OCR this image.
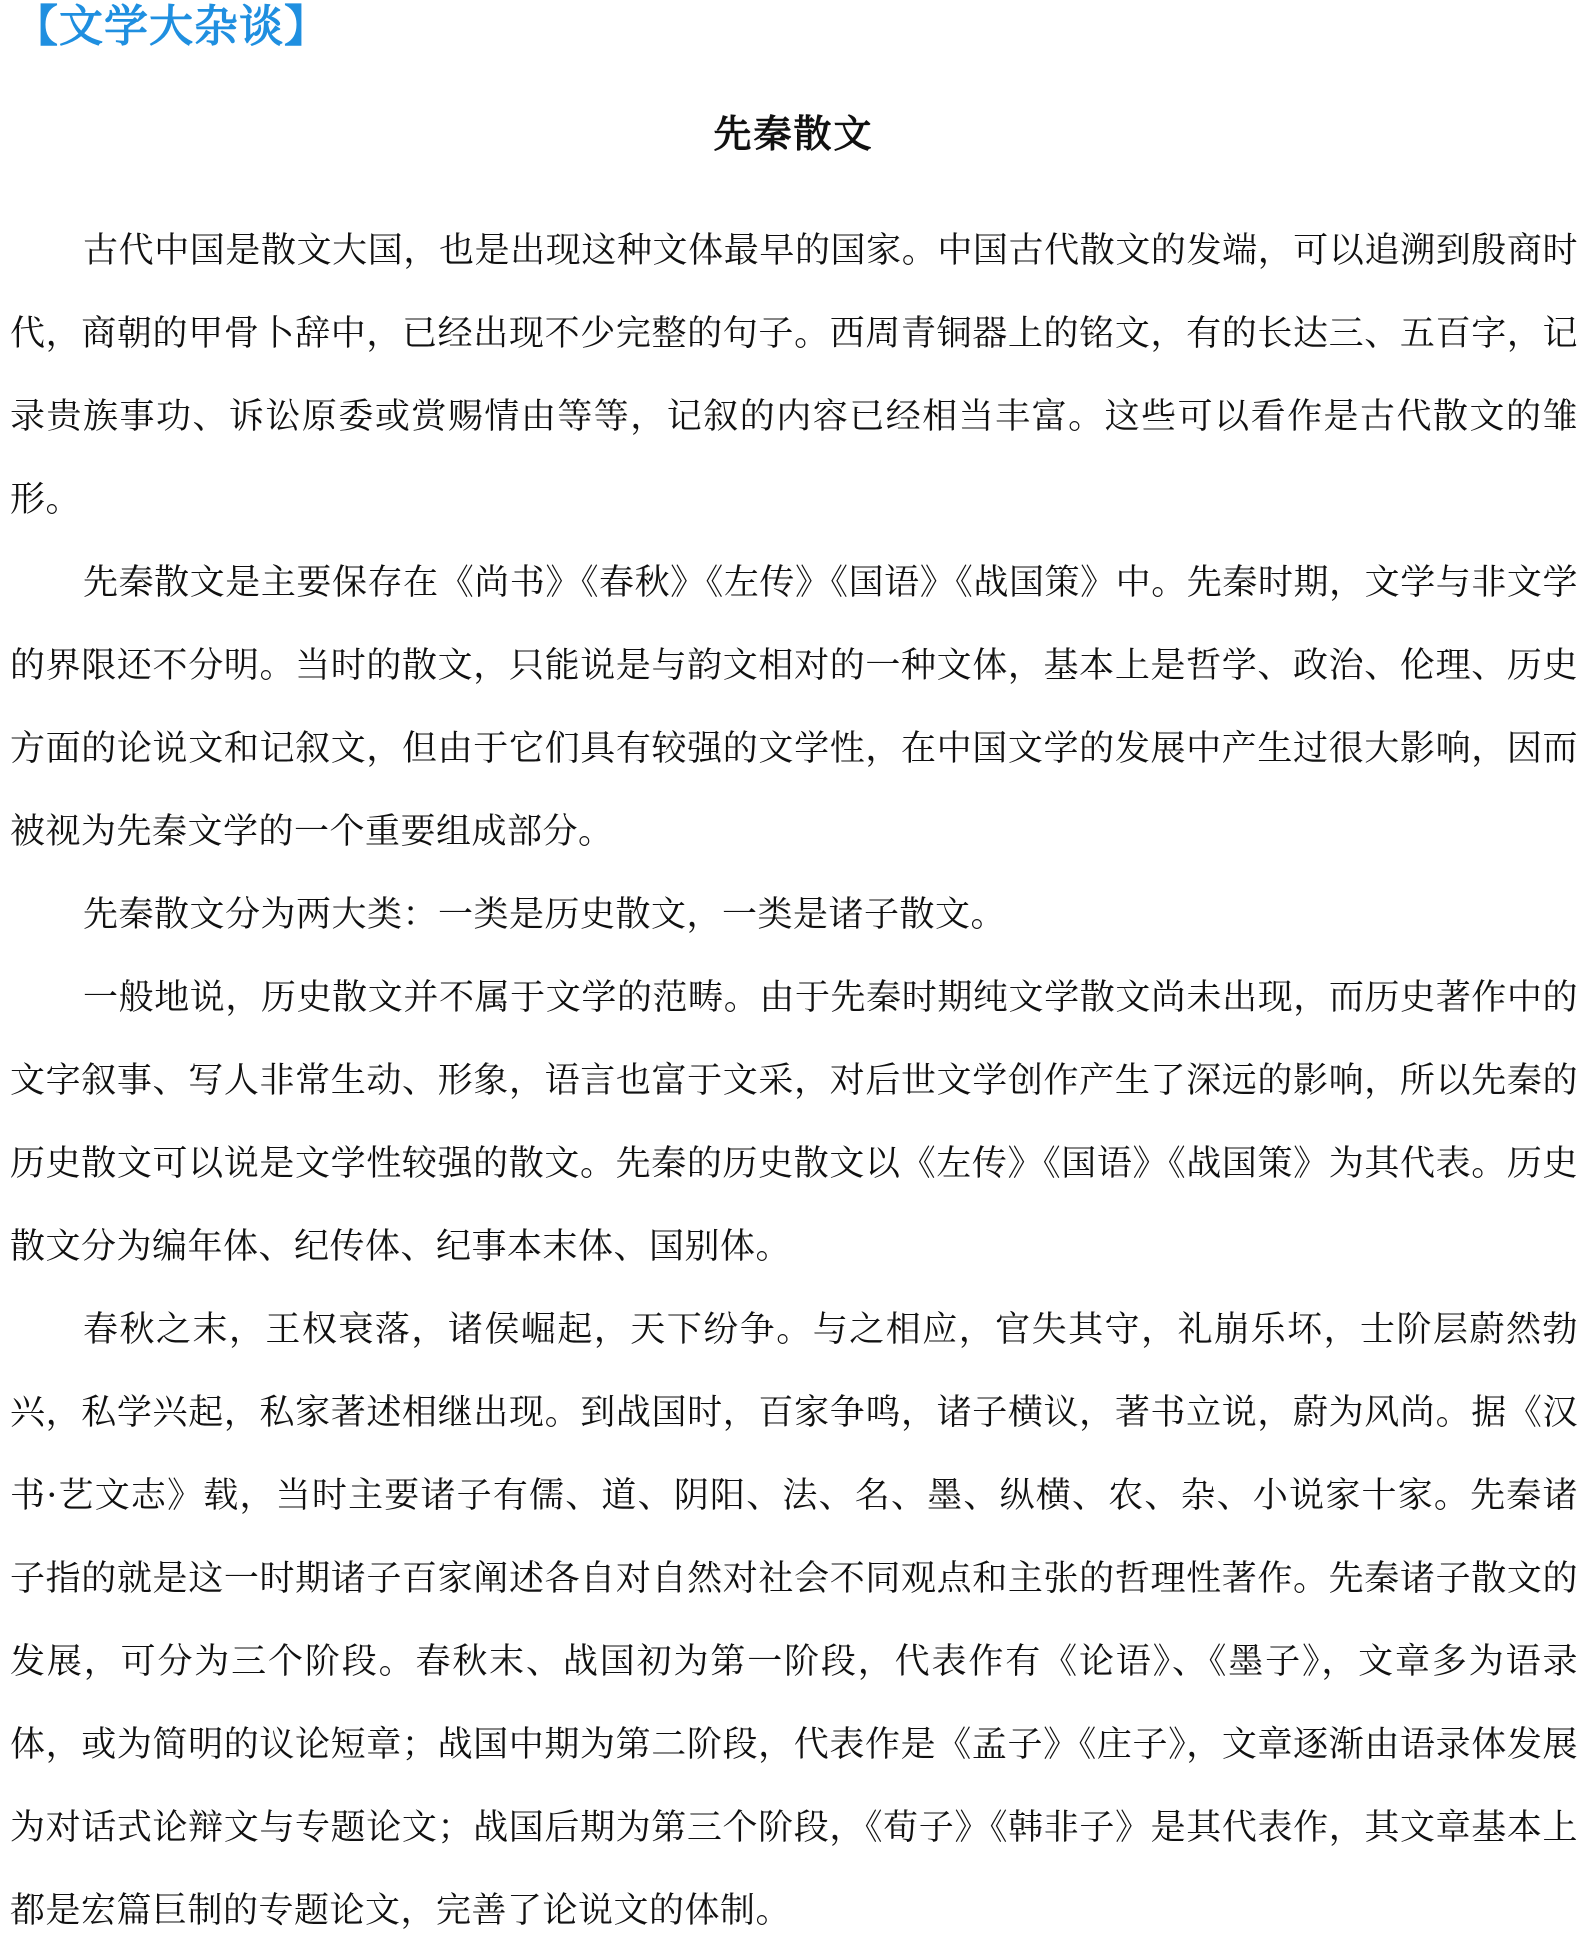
【文学大杂谈】
先秦散文

古代中国是散文大国，也是出现这种文体最早的国家。中国古代散文的发端，可以追溯到殷商时代，商朝的甲骨卜辞中，已经出现不少完整的句子。西周青铜器上的铭文，有的长达三、五百字，记录贵族事功、诉讼原委或赏赐情由等等，记叙的内容已经相当丰富。这些可以看作是古代散文的雏形。

先秦散文是主要保存在《尚书》《春秋》《左传》《国语》《战国策》中。先秦时期，文学与非文学的界限还不分明。当时的散文，只能说是与韵文相对的一种文体，基本上是哲学、政治、伦理、历史方面的论说文和记叙文，但由于它们具有较强的文学性，在中国文学的发展中产生过很大影响，因而被视为先秦文学的一个重要组成部分。

先秦散文分为两大类：一类是历史散文，一类是诸子散文。

一般地说，历史散文并不属于文学的范畴。由于先秦时期纯文学散文尚未出现，而历史著作中的文字叙事、写人非常生动、形象，语言也富于文采，对后世文学创作产生了深远的影响，所以先秦的历史散文可以说是文学性较强的散文。先秦的历史散文以《左传》《国语》《战国策》为其代表。历史散文分为编年体、纪传体、纪事本末体、国别体。

春秋之末，王权衰落，诸侯崛起，天下纷争。与之相应，官失其守，礼崩乐坏，士阶层蔚然勃兴，私学兴起，私家著述相继出现。到战国时，百家争鸣，诸子横议，著书立说，蔚为风尚。据《汉书·艺文志》载，当时主要诸子有儒、道、阴阳、法、名、墨、纵横、农、杂、小说家十家。先秦诸子指的就是这一时期诸子百家阐述各自对自然对社会不同观点和主张的哲理性著作。先秦诸子散文的发展，可分为三个阶段。春秋末、战国初为第一阶段，代表作有《论语》、《墨子》，文章多为语录体，或为简明的议论短章；战国中期为第二阶段，代表作是《孟子》《庄子》，文章逐渐由语录体发展为对话式论辩文与专题论文；战国后期为第三个阶段，《荀子》《韩非子》是其代表作，其文章基本上都是宏篇巨制的专题论文，完善了论说文的体制。
